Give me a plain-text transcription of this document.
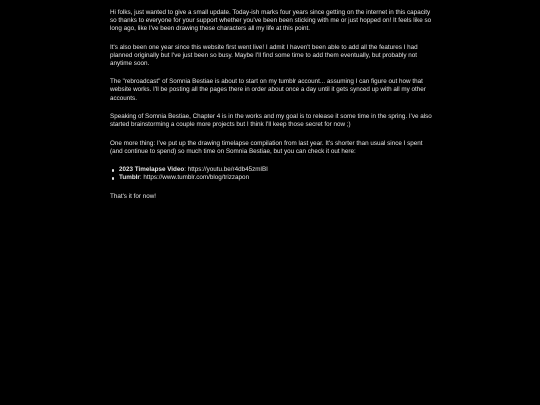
Hi folks, just wanted to give a small update. Today-ish marks four years since getting on the internet in this capacity so thanks to everyone for your support whether you've been been sticking with me or just hopped on! It feels like so long ago, like I've been drawing these characters all my life at this point.

It's also been one year since this website first went live! I admit I haven't been able to add all the features I had planned originally but I've just been so busy. Maybe I'll find some time to add them eventually, but probably not anytime soon.

The "rebroadcast" of Somnia Bestiae is about to start on my tumblr account... assuming I can figure out how that website works. I'll be posting all the pages there in order about once a day until it gets synced up with all my other accounts.

Speaking of Somnia Bestiae, Chapter 4 is in the works and my goal is to release it some time in the spring. I've also started brainstorming a couple more projects but I think I'll keep those secret for now ;)

One more thing: I've put up the drawing timelapse compilation from last year. It's shorter than usual since I spent (and continue to spend) so much time on Somnia Bestiae, but you can check it out here:

2023 Timelapse Video: https://youtu.be/r4db45zmlBI
Tumblr: https://www.tumblr.com/blog/trizzapon

That's it for now!
